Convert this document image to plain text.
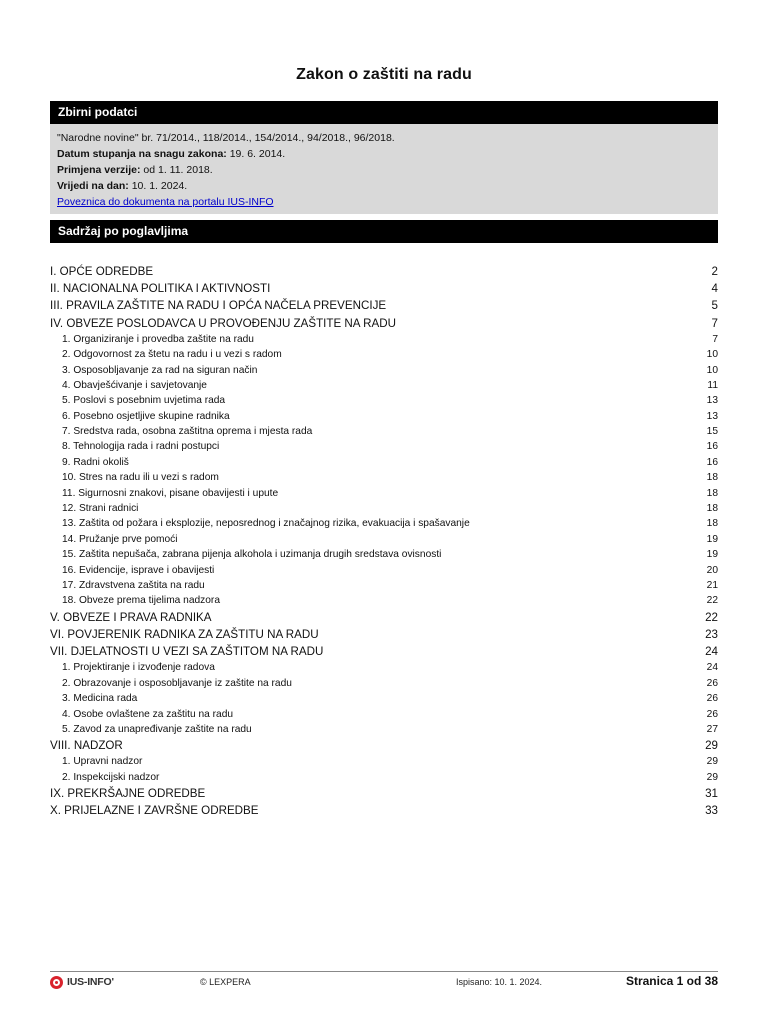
Zakon o zaštiti na radu
Zbirni podatci
"Narodne novine" br. 71/2014., 118/2014., 154/2014., 94/2018., 96/2018.
Datum stupanja na snagu zakona: 19. 6. 2014.
Primjena verzije: od 1. 11. 2018.
Vrijedi na dan: 10. 1. 2024.
Poveznica do dokumenta na portalu IUS-INFO
Sadržaj po poglavljima
I. OPĆE ODREDBE	2
II. NACIONALNA POLITIKA I AKTIVNOSTI	4
III. PRAVILA ZAŠTITE NA RADU I OPĆA NAČELA PREVENCIJE	5
IV. OBVEZE POSLODAVCA U PROVOĐENJU ZAŠTITE NA RADU	7
1. Organiziranje i provedba zaštite na radu	7
2. Odgovornost za štetu na radu i u vezi s radom	10
3. Osposobljavanje za rad na siguran način	10
4. Obavješćivanje i savjetovanje	11
5. Poslovi s posebnim uvjetima rada	13
6. Posebno osjetljive skupine radnika	13
7. Sredstva rada, osobna zaštitna oprema i mjesta rada	15
8. Tehnologija rada i radni postupci	16
9. Radni okoliš	16
10. Stres na radu ili u vezi s radom	18
11. Sigurnosni znakovi, pisane obavijesti i upute	18
12. Strani radnici	18
13. Zaštita od požara i eksplozije, neposrednog i značajnog rizika, evakuacija i spašavanje	18
14. Pružanje prve pomoći	19
15. Zaštita nepušača, zabrana pijenja alkohola i uzimanja drugih sredstava ovisnosti	19
16. Evidencije, isprave i obavijesti	20
17. Zdravstvena zaštita na radu	21
18. Obveze prema tijelima nadzora	22
V. OBVEZE I PRAVA RADNIKA	22
VI. POVJERENIK RADNIKA ZA ZAŠTITU NA RADU	23
VII. DJELATNOSTI U VEZI SA ZAŠTITOM NA RADU	24
1. Projektiranje i izvođenje radova	24
2. Obrazovanje i osposobljavanje iz zaštite na radu	26
3. Medicina rada	26
4. Osobe ovlaštene za zaštitu na radu	26
5. Zavod za unapređivanje zaštite na radu	27
VIII. NADZOR	29
1. Upravni nadzor	29
2. Inspekcijski nadzor	29
IX. PREKRŠAJNE ODREDBE	31
X. PRIJELAZNE I ZAVRŠNE ODREDBE	33
IUS-INFO'	© LEXPERA	Ispisano: 10. 1. 2024.	Stranica 1 od 38
